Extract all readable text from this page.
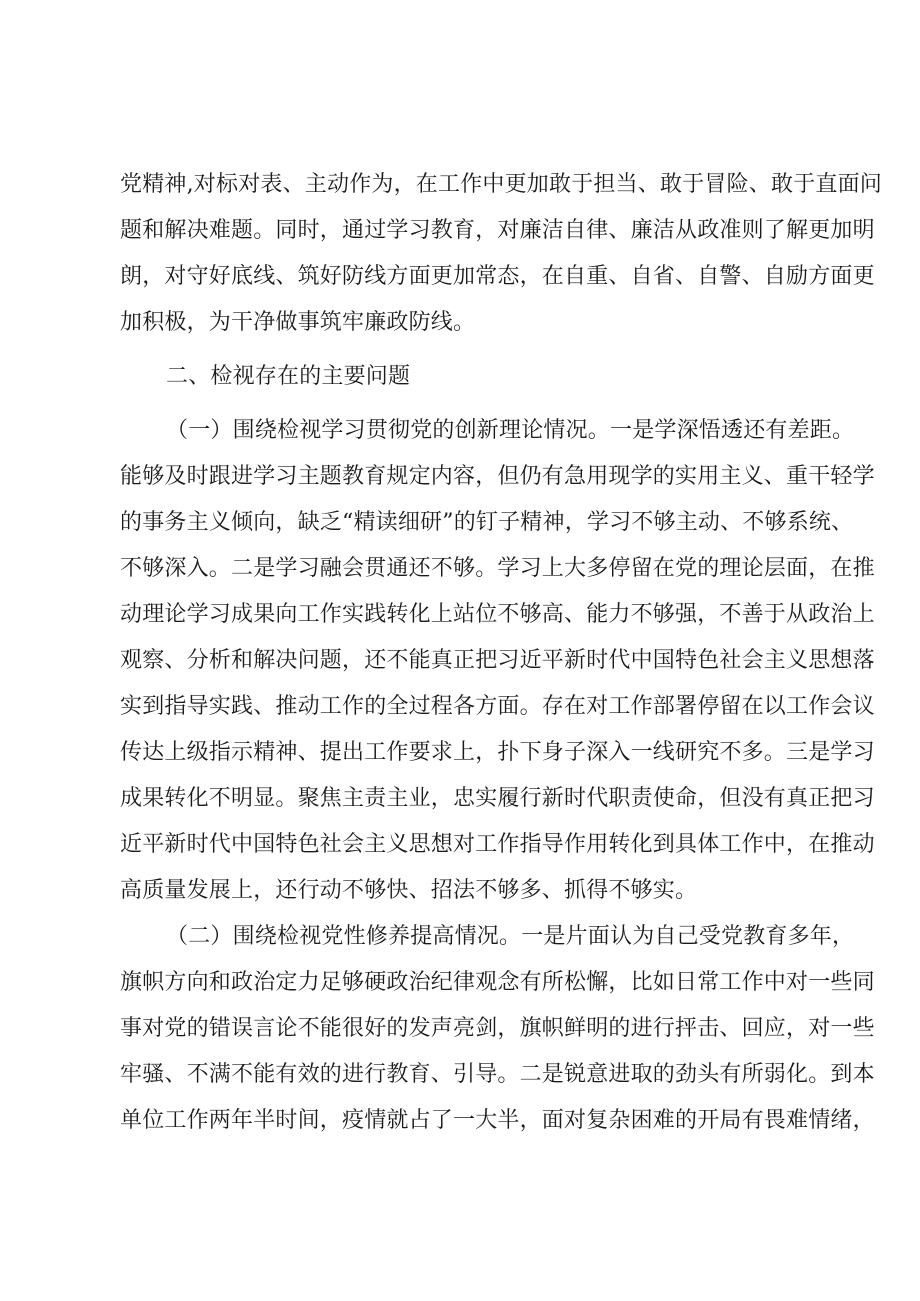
党精神,对标对表、主动作为，在工作中更加敢于担当、敢于冒险、敢于直面问
题和解决难题。同时，通过学习教育，对廉洁自律、廉洁从政准则了解更加明
朗，对守好底线、筑好防线方面更加常态，在自重、自省、自警、自励方面更
加积极，为干净做事筑牢廉政防线。
二、检视存在的主要问题
（一）围绕检视学习贯彻党的创新理论情况。一是学深悟透还有差距。
能够及时跟进学习主题教育规定内容，但仍有急用现学的实用主义、重干轻学
的事务主义倾向，缺乏“精读细研”的钉子精神，学习不够主动、不够系统、
不够深入。二是学习融会贯通还不够。学习上大多停留在党的理论层面，在推
动理论学习成果向工作实践转化上站位不够高、能力不够强，不善于从政治上
观察、分析和解决问题，还不能真正把习近平新时代中国特色社会主义思想落
实到指导实践、推动工作的全过程各方面。存在对工作部署停留在以工作会议
传达上级指示精神、提出工作要求上，扑下身子深入一线研究不多。三是学习
成果转化不明显。聚焦主责主业，忠实履行新时代职责使命，但没有真正把习
近平新时代中国特色社会主义思想对工作指导作用转化到具体工作中，在推动
高质量发展上，还行动不够快、招法不够多、抓得不够实。
（二）围绕检视党性修养提高情况。一是片面认为自己受党教育多年，
旗帜方向和政治定力足够硬政治纪律观念有所松懈，比如日常工作中对一些同
事对党的错误言论不能很好的发声亮剑，旗帜鲜明的进行抨击、回应，对一些
牢骚、不满不能有效的进行教育、引导。二是锐意进取的劲头有所弱化。到本
单位工作两年半时间，疫情就占了一大半，面对复杂困难的开局有畏难情绪，
